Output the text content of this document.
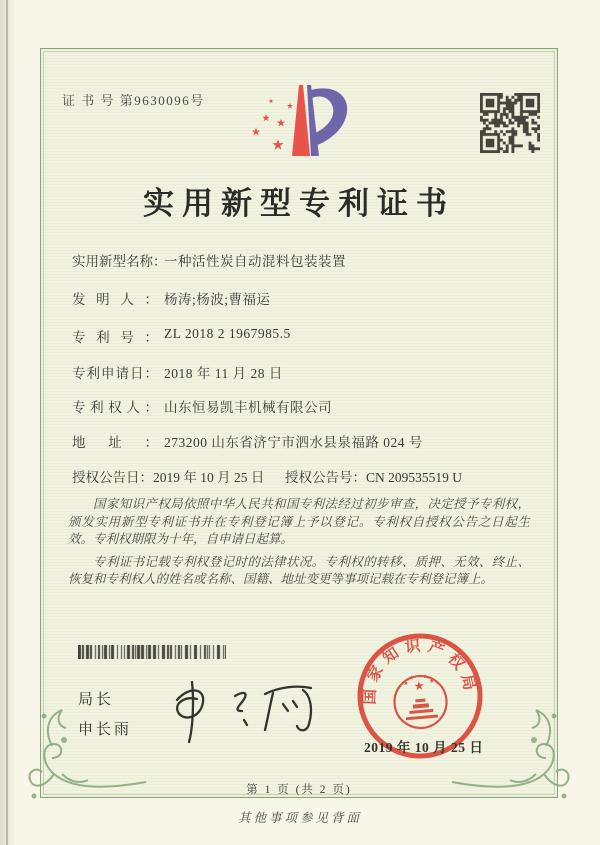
证 书 号 第9630096号
实用新型专利证书
实用新型名称：一种活性炭自动混料包装装置
发明人： 杨涛;杨波;曹福运
专利号： ZL 2018 2 1967985.5
专利申请日： 2018 年 11 月 28 日
专利权人： 山东恒易凯丰机械有限公司
地址： 273200 山东省济宁市泗水县泉福路 024 号
授权公告日：2019 年 10 月 25 日 授权公告号：CN 209535519 U

国家知识产权局依照中华人民共和国专利法经过初步审查，决定授予专利权，颁发实用新型专利证书并在专利登记簿上予以登记。专利权自授权公告之日起生效。专利权期限为十年，自申请日起算。

专利证书记载专利权登记时的法律状况。专利权的转移、质押、无效、终止、恢复和专利权人的姓名或名称、国籍、地址变更等事项记载在专利登记簿上。

局长
申长雨
国家知识产权局
2019 年 10 月 25 日
第 1 页 (共 2 页)
其他事项参见背面
